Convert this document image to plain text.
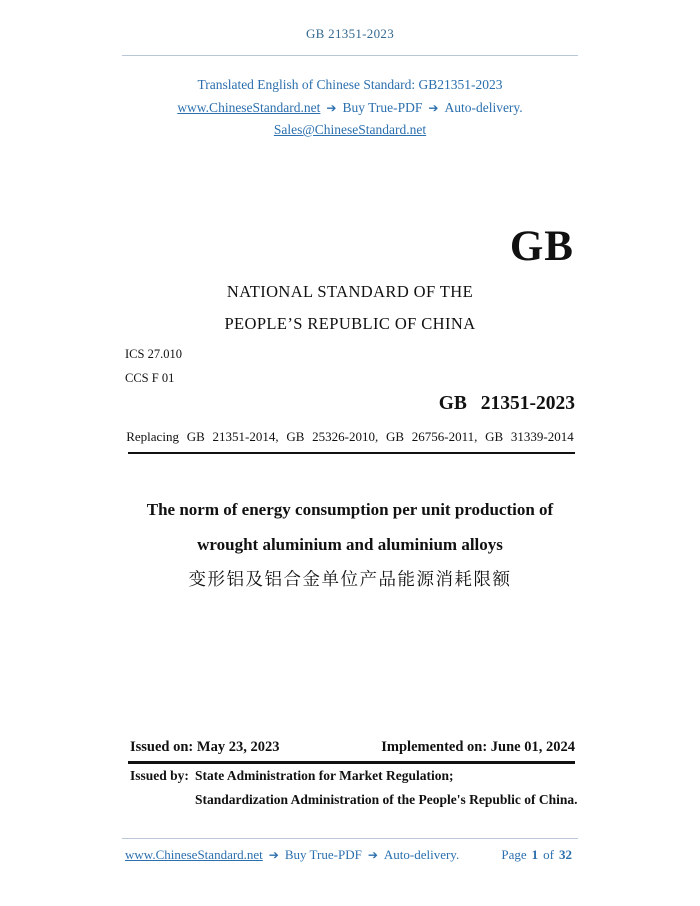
GB 21351-2023
Translated English of Chinese Standard: GB21351-2023
www.ChineseStandard.net ➔ Buy True-PDF ➔ Auto-delivery.
Sales@ChineseStandard.net
GB
NATIONAL STANDARD OF THE
PEOPLE’S REPUBLIC OF CHINA
ICS 27.010
CCS F 01
GB 21351-2023
Replacing GB 21351-2014, GB 25326-2010, GB 26756-2011, GB 31339-2014
The norm of energy consumption per unit production of
wrought aluminium and aluminium alloys
变形铝及铝合金单位产品能源消耗限额
Issued on: May 23, 2023	Implemented on: June 01, 2024
Issued by: State Administration for Market Regulation;
Standardization Administration of the People's Republic of China.
www.ChineseStandard.net ➔ Buy True-PDF ➔ Auto-delivery.	Page 1 of 32
